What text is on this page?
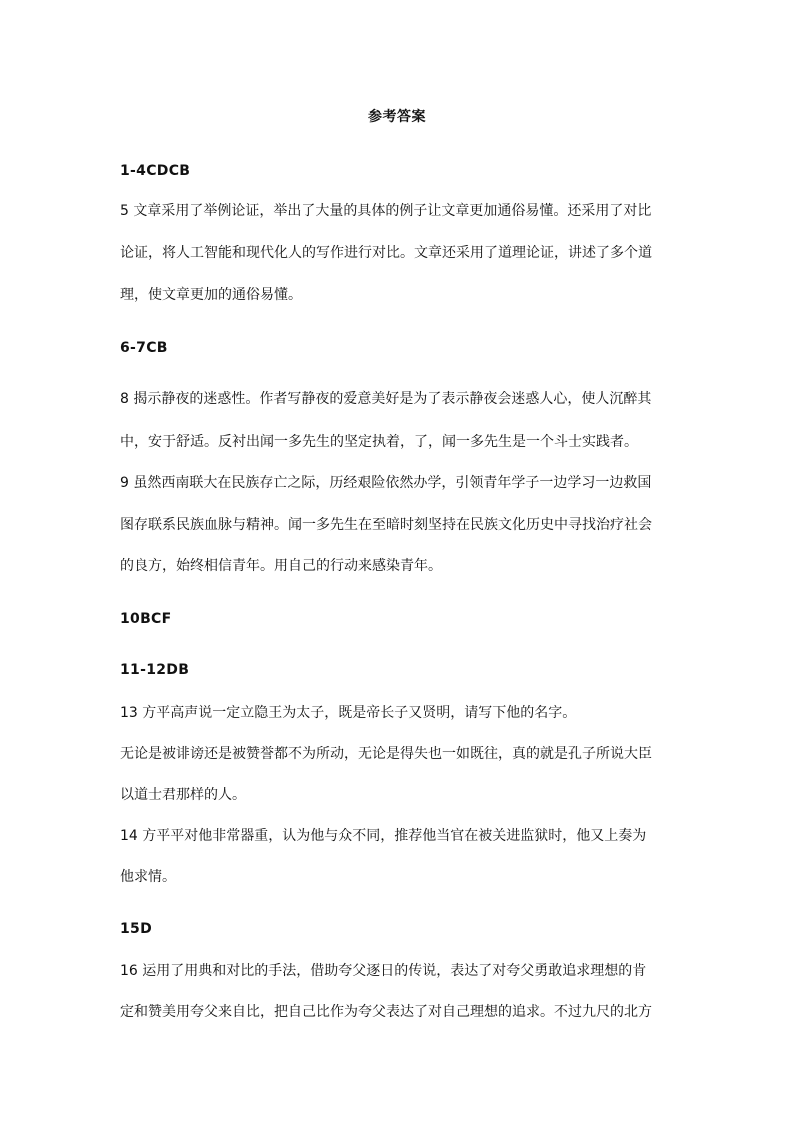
参考答案
1-4CDCB
5 文章采用了举例论证，举出了大量的具体的例子让文章更加通俗易懂。还采用了对比
论证，将人工智能和现代化人的写作进行对比。文章还采用了道理论证，讲述了多个道
理，使文章更加的通俗易懂。
6-7CB
8 揭示静夜的迷惑性。作者写静夜的爱意美好是为了表示静夜会迷惑人心，使人沉醉其
中，安于舒适。反衬出闻一多先生的坚定执着，了，闻一多先生是一个斗士实践者。
9 虽然西南联大在民族存亡之际，历经艰险依然办学，引领青年学子一边学习一边救国
图存联系民族血脉与精神。闻一多先生在至暗时刻坚持在民族文化历史中寻找治疗社会
的良方，始终相信青年。用自己的行动来感染青年。
10BCF
11-12DB
13 方平高声说一定立隐王为太子，既是帝长子又贤明，请写下他的名字。
无论是被诽谤还是被赞誉都不为所动，无论是得失也一如既往，真的就是孔子所说大臣
以道士君那样的人。
14 方平平对他非常器重，认为他与众不同，推荐他当官在被关进监狱时，他又上奏为
他求情。
15D
16 运用了用典和对比的手法，借助夸父逐日的传说，表达了对夸父勇敢追求理想的肯
定和赞美用夸父来自比，把自己比作为夸父表达了对自己理想的追求。不过九尺的北方
